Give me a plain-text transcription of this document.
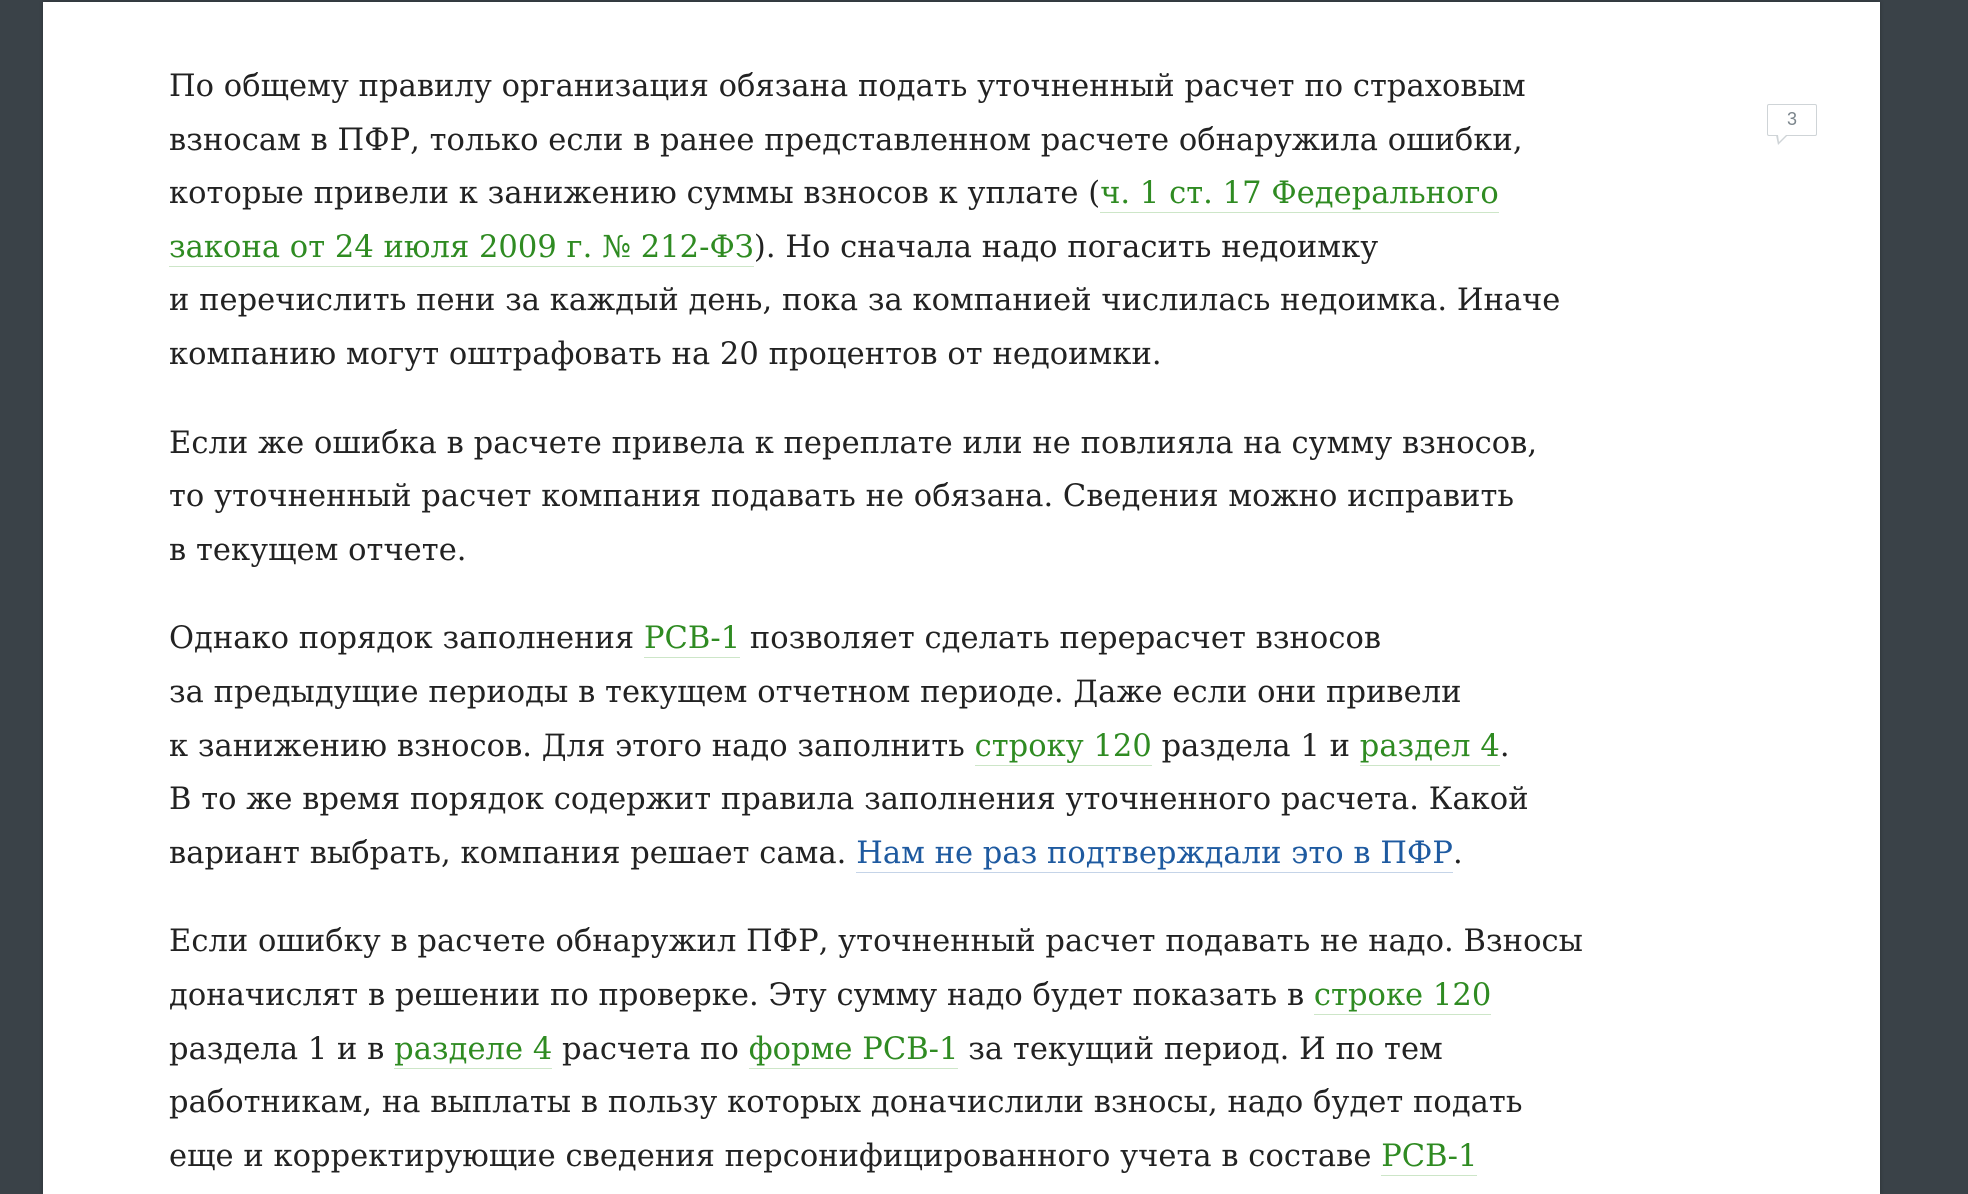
3

По общему правилу организация обязана подать уточненный расчет по страховым
взносам в ПФР, только если в ранее представленном расчете обнаружила ошибки,
которые привели к занижению суммы взносов к уплате (ч. 1 ст. 17 Федерального
закона от 24 июля 2009 г. № 212-ФЗ). Но сначала надо погасить недоимку
и перечислить пени за каждый день, пока за компанией числилась недоимка. Иначе
компанию могут оштрафовать на 20 процентов от недоимки.

Если же ошибка в расчете привела к переплате или не повлияла на сумму взносов,
то уточненный расчет компания подавать не обязана. Сведения можно исправить
в текущем отчете.

Однако порядок заполнения РСВ-1 позволяет сделать перерасчет взносов
за предыдущие периоды в текущем отчетном периоде. Даже если они привели
к занижению взносов. Для этого надо заполнить строку 120 раздела 1 и раздел 4.
В то же время порядок содержит правила заполнения уточненного расчета. Какой
вариант выбрать, компания решает сама. Нам не раз подтверждали это в ПФР.

Если ошибку в расчете обнаружил ПФР, уточненный расчет подавать не надо. Взносы
доначислят в решении по проверке. Эту сумму надо будет показать в строке 120
раздела 1 и в разделе 4 расчета по форме РСВ-1 за текущий период. И по тем
работникам, на выплаты в пользу которых доначислили взносы, надо будет подать
еще и корректирующие сведения персонифицированного учета в составе РСВ-1
